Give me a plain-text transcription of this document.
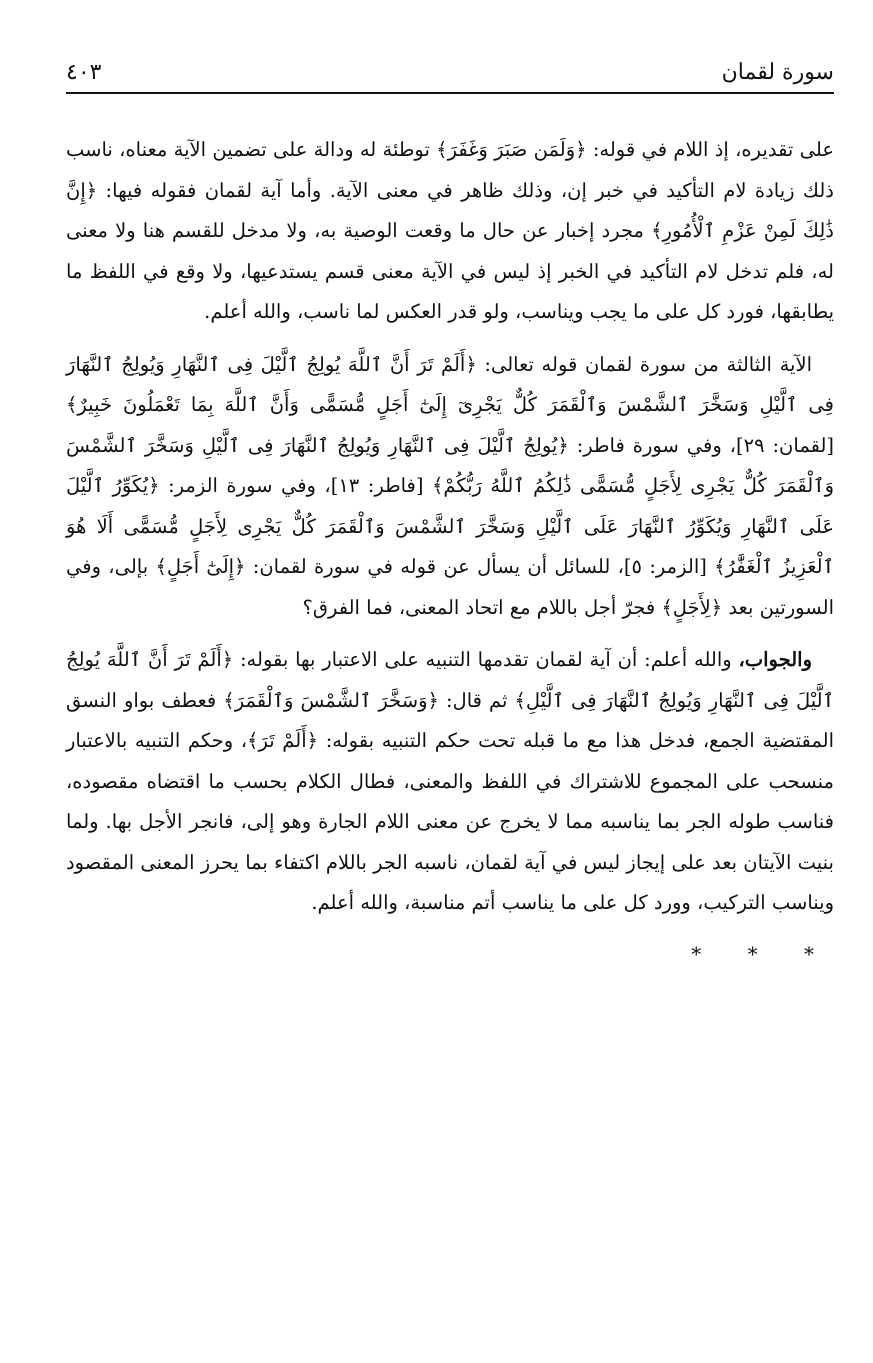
سورة لقمان
٤٠٣

على تقديره، إذ اللام في قوله: ﴿وَلَمَن صَبَرَ وَغَفَرَ﴾ توطئة له ودالة على تضمين الآية معناه، ناسب ذلك زيادة لام التأكيد في خبر إن، وذلك ظاهر في معنى الآية. وأما آية لقمان فقوله فيها: ﴿إِنَّ ذَٰلِكَ لَمِنْ عَزْمِ ٱلْأُمُورِ﴾ مجرد إخبار عن حال ما وقعت الوصية به، ولا مدخل للقسم هنا ولا معنى له، فلم تدخل لام التأكيد في الخبر إذ ليس في الآية معنى قسم يستدعيها، ولا وقع في اللفظ ما يطابقها، فورد كل على ما يجب ويناسب، ولو قدر العكس لما ناسب، والله أعلم.

الآية الثالثة من سورة لقمان قوله تعالى: ﴿أَلَمْ تَرَ أَنَّ ٱللَّهَ يُولِجُ ٱلَّيْلَ فِى ٱلنَّهَارِ وَيُولِجُ ٱلنَّهَارَ فِى ٱلَّيْلِ وَسَخَّرَ ٱلشَّمْسَ وَٱلْقَمَرَ كُلٌّ يَجْرِىٓ إِلَىٰٓ أَجَلٍ مُّسَمًّى وَأَنَّ ٱللَّهَ بِمَا تَعْمَلُونَ خَبِيرٌ﴾ [لقمان: ٢٩]، وفي سورة فاطر: ﴿يُولِجُ ٱلَّيْلَ فِى ٱلنَّهَارِ وَيُولِجُ ٱلنَّهَارَ فِى ٱلَّيْلِ وَسَخَّرَ ٱلشَّمْسَ وَٱلْقَمَرَ كُلٌّ يَجْرِى لِأَجَلٍ مُّسَمًّى ذَٰلِكُمُ ٱللَّهُ رَبُّكُمْ﴾ [فاطر: ١٣]، وفي سورة الزمر: ﴿يُكَوِّرُ ٱلَّيْلَ عَلَى ٱلنَّهَارِ وَيُكَوِّرُ ٱلنَّهَارَ عَلَى ٱلَّيْلِ وَسَخَّرَ ٱلشَّمْسَ وَٱلْقَمَرَ كُلٌّ يَجْرِى لِأَجَلٍ مُّسَمًّى أَلَا هُوَ ٱلْعَزِيزُ ٱلْغَفَّٰرُ﴾ [الزمر: ٥]، للسائل أن يسأل عن قوله في سورة لقمان: ﴿إِلَىٰٓ أَجَلٍ﴾ بإلى، وفي السورتين بعد ﴿لِأَجَلٍ﴾ فجرّ أجل باللام مع اتحاد المعنى، فما الفرق؟

والجواب، والله أعلم: أن آية لقمان تقدمها التنبيه على الاعتبار بها بقوله: ﴿أَلَمْ تَرَ أَنَّ ٱللَّهَ يُولِجُ ٱلَّيْلَ فِى ٱلنَّهَارِ وَيُولِجُ ٱلنَّهَارَ فِى ٱلَّيْلِ﴾ ثم قال: ﴿وَسَخَّرَ ٱلشَّمْسَ وَٱلْقَمَرَ﴾ فعطف بواو النسق المقتضية الجمع، فدخل هذا مع ما قبله تحت حكم التنبيه بقوله: ﴿أَلَمْ تَرَ﴾، وحكم التنبيه بالاعتبار منسحب على المجموع للاشتراك في اللفظ والمعنى، فطال الكلام بحسب ما اقتضاه مقصوده، فناسب طوله الجر بما يناسبه مما لا يخرج عن معنى اللام الجارة وهو إلى، فانجر الأجل بها. ولما بنيت الآيتان بعد على إيجاز ليس في آية لقمان، ناسبه الجر باللام اكتفاء بما يحرز المعنى المقصود ويناسب التركيب، وورد كل على ما يناسب أتم مناسبة، والله أعلم.

* * *
